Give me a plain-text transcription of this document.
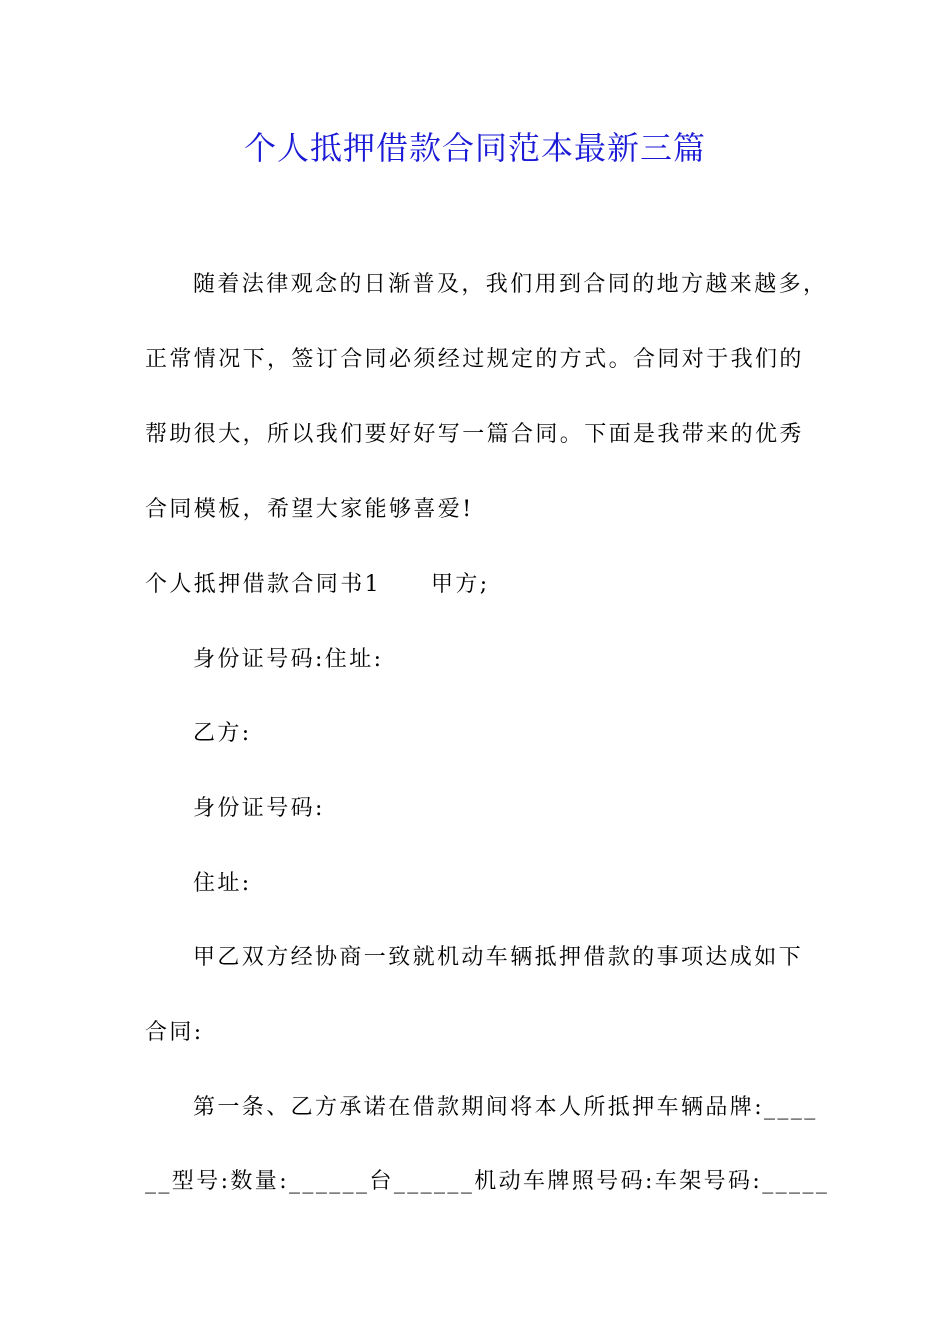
个人抵押借款合同范本最新三篇
随着法律观念的日渐普及，我们用到合同的地方越来越多，
正常情况下，签订合同必须经过规定的方式。合同对于我们的
帮助很大，所以我们要好好写一篇合同。下面是我带来的优秀
合同模板，希望大家能够喜爱!
个人抵押借款合同书1 甲方;
身份证号码:住址:
乙方:
身份证号码:
住址:
甲乙双方经协商一致就机动车辆抵押借款的事项达成如下
合同:
第一条、乙方承诺在借款期间将本人所抵押车辆品牌:____
__型号:数量:______台______机动车牌照号码:车架号码:_____
